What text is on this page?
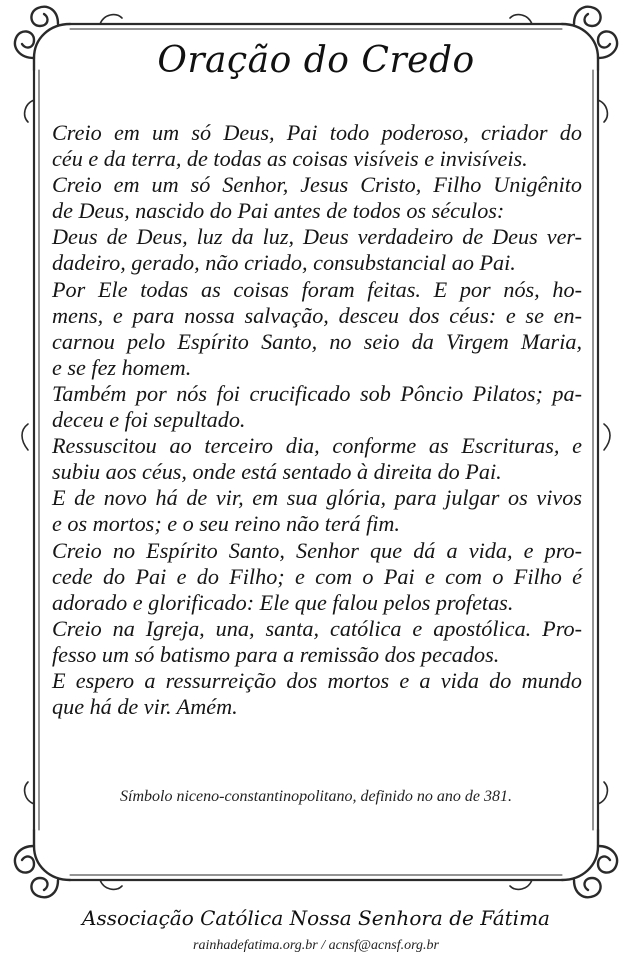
Oração do Credo
Creio em um só Deus, Pai todo poderoso, criador do
céu e da terra, de todas as coisas visíveis e invisíveis.
Creio em um só Senhor, Jesus Cristo, Filho Unigênito
de Deus, nascido do Pai antes de todos os séculos:
Deus de Deus, luz da luz, Deus verdadeiro de Deus ver-
dadeiro, gerado, não criado, consubstancial ao Pai.
Por Ele todas as coisas foram feitas. E por nós, ho-
mens, e para nossa salvação, desceu dos céus: e se en-
carnou pelo Espírito Santo, no seio da Virgem Maria,
e se fez homem.
Também por nós foi crucificado sob Pôncio Pilatos; pa-
deceu e foi sepultado.
Ressuscitou ao terceiro dia, conforme as Escrituras, e
subiu aos céus, onde está sentado à direita do Pai.
E de novo há de vir, em sua glória, para julgar os vivos
e os mortos; e o seu reino não terá fim.
Creio no Espírito Santo, Senhor que dá a vida, e pro-
cede do Pai e do Filho; e com o Pai e com o Filho é
adorado e glorificado: Ele que falou pelos profetas.
Creio na Igreja, una, santa, católica e apostólica. Pro-
fesso um só batismo para a remissão dos pecados.
E espero a ressurreição dos mortos e a vida do mundo
que há de vir. Amém.
Símbolo niceno-constantinopolitano, definido no ano de 381.
Associação Católica Nossa Senhora de Fátima
rainhadefatima.org.br / acnsf@acnsf.org.br
